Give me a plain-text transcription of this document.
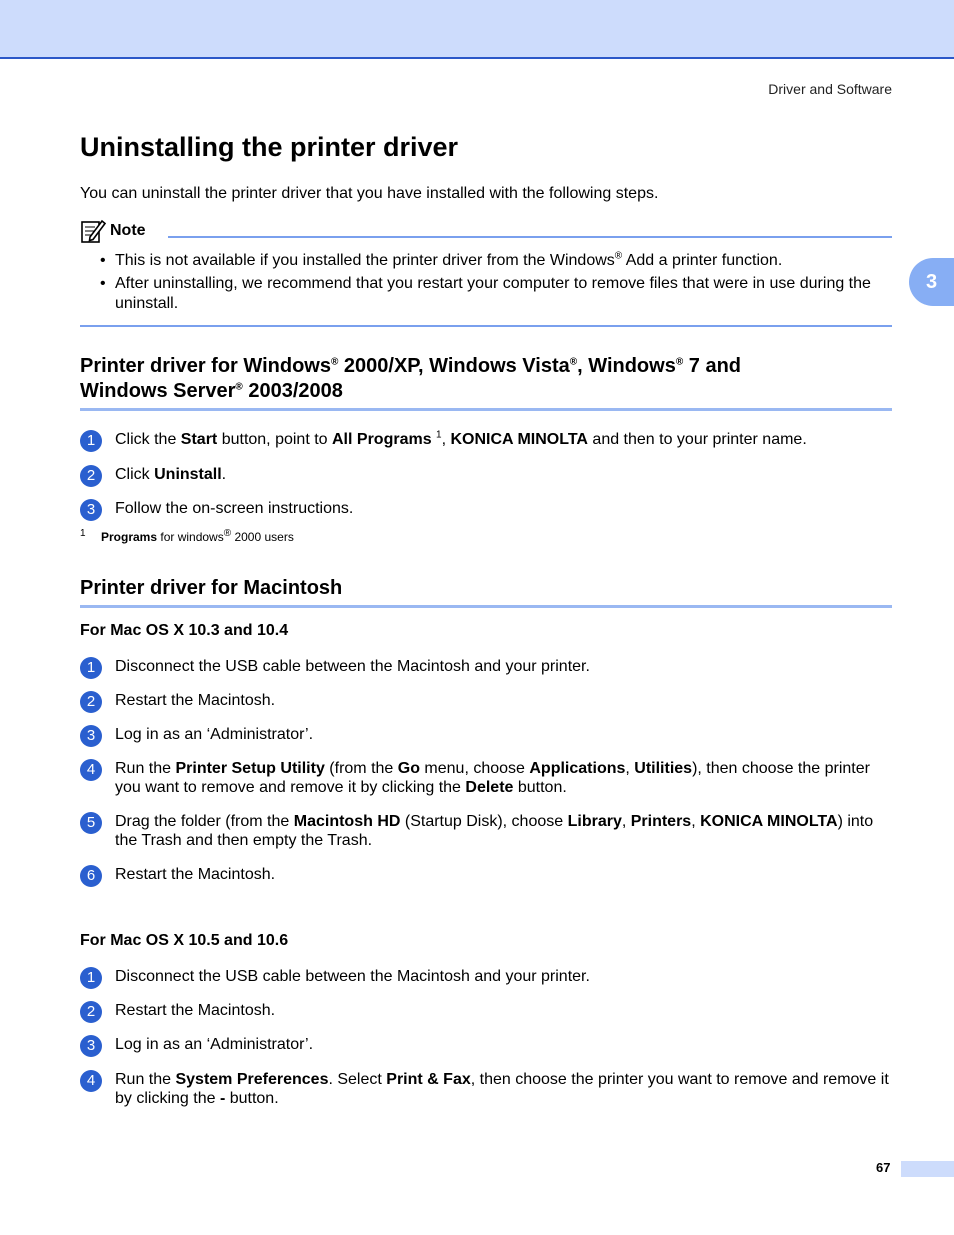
Driver and Software
3
Uninstalling the printer driver

You can uninstall the printer driver that you have installed with the following steps.

Note
• This is not available if you installed the printer driver from the Windows® Add a printer function.
• After uninstalling, we recommend that you restart your computer to remove files that were in use during the uninstall.
Printer driver for Windows® 2000/XP, Windows Vista®, Windows® 7 and
Windows Server® 2003/2008
1	Click the Start button, point to All Programs $^1$, KONICA MINOLTA and then to your printer name.
2	Click Uninstall.
3	Follow the on-screen instructions.
1 Programs for windows® 2000 users
Printer driver for Macintosh
For Mac OS X 10.3 and 10.4
1	Disconnect the USB cable between the Macintosh and your printer.
2	Restart the Macintosh.
3	Log in as an ‘Administrator’.
4	Run the Printer Setup Utility (from the Go menu, choose Applications, Utilities), then choose the printer you want to remove and remove it by clicking the Delete button.
5	Drag the folder (from the Macintosh HD (Startup Disk), choose Library, Printers, KONICA MINOLTA) into the Trash and then empty the Trash.
6	Restart the Macintosh.
For Mac OS X 10.5 and 10.6
1	Disconnect the USB cable between the Macintosh and your printer.
2	Restart the Macintosh.
3	Log in as an ‘Administrator’.
4	Run the System Preferences. Select Print & Fax, then choose the printer you want to remove and remove it by clicking the - button.
67
